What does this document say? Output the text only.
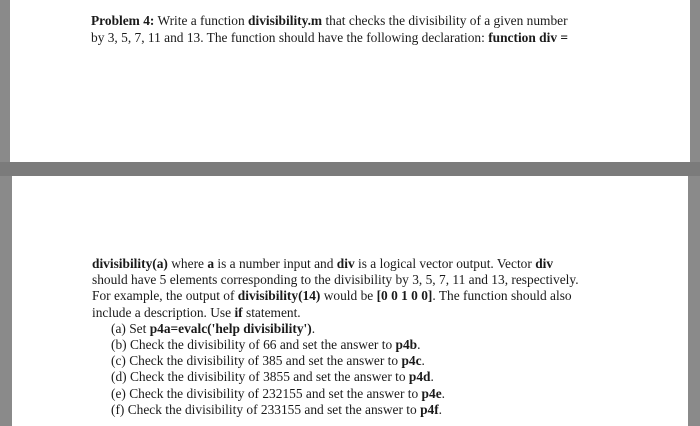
Problem 4: Write a function divisibility.m that checks the divisibility of a given number
by 3, 5, 7, 11 and 13. The function should have the following declaration: function div =
divisibility(a) where a is a number input and div is a logical vector output. Vector div
should have 5 elements corresponding to the divisibility by 3, 5, 7, 11 and 13, respectively.
For example, the output of divisibility(14) would be [0 0 1 0 0]. The function should also
include a description. Use if statement.
(a) Set p4a=evalc('help divisibility').
(b) Check the divisibility of 66 and set the answer to p4b.
(c) Check the divisibility of 385 and set the answer to p4c.
(d) Check the divisibility of 3855 and set the answer to p4d.
(e) Check the divisibility of 232155 and set the answer to p4e.
(f) Check the divisibility of 233155 and set the answer to p4f.
